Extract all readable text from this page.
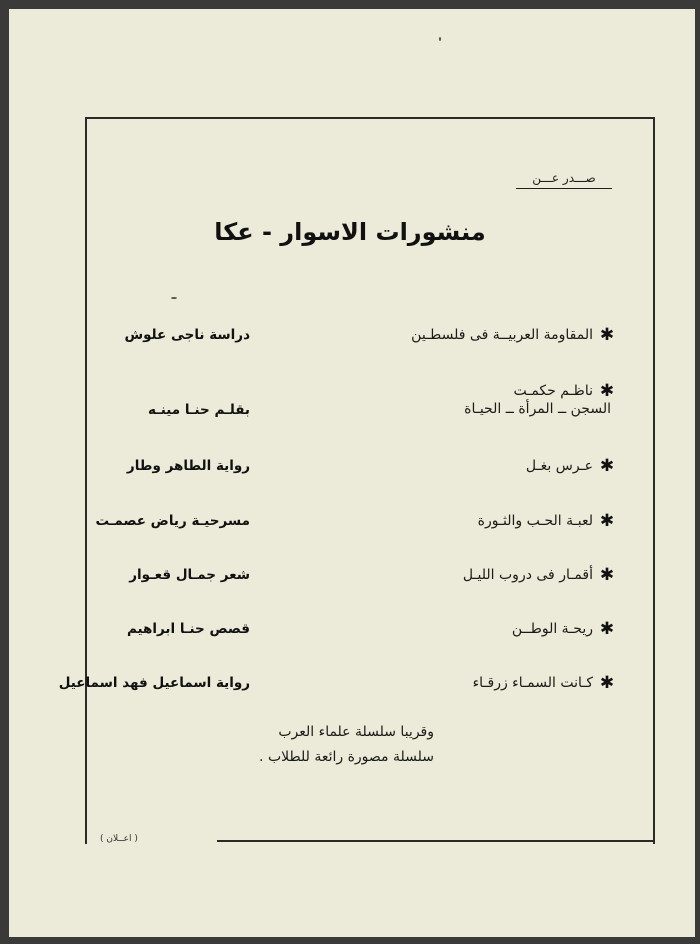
صـــدر عـــن
منشورات الاسوار - عكا
✱
المقاومة العربيــة فى فلسطـين
دراسة ناجى علوش
✱
ناظـم حكمـت
السجن ــ المرأة ــ الحيـاة
بقلـم حنـا مينـه
✱
عـرس بغـل
رواية الطاهر وطار
✱
لعبـة الحـب والثـورة
مسرحيـة رياض عصمـت
✱
أقمـار فى دروب الليـل
شعر جمـال قعـوار
✱
ريحـة الوطــن
قصص حنـا ابراهيم
✱
كـانت السمـاء زرقـاء
رواية اسماعيل فهد اسماعيل
وقريبا سلسلة علماء العرب
سلسلة مصورة رائعة للطلاب .
( اعــلان )
